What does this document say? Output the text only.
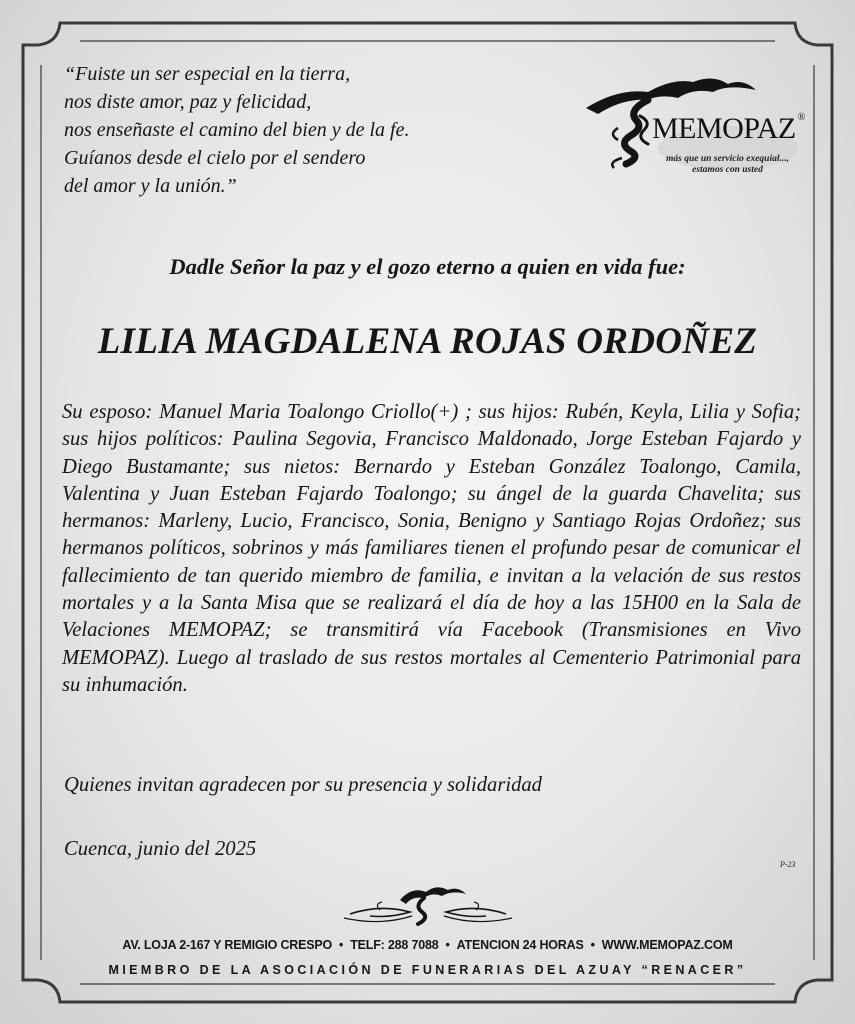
“Fuiste un ser especial en la tierra,
nos diste amor, paz y felicidad,
nos enseñaste el camino del bien y de la fe.
Guíanos desde el cielo por el sendero
del amor y la unión.”
MEMOPAZ ®
más que un servicio exequial...,
estamos con usted
Dadle Señor la paz y el gozo eterno a quien en vida fue:
LILIA MAGDALENA ROJAS ORDOÑEZ
Su esposo: Manuel Maria Toalongo Criollo(+) ; sus hijos: Rubén, Keyla, Lilia y Sofia; sus hijos políticos: Paulina Segovia, Francisco Maldonado, Jorge Esteban Fajardo y Diego Bustamante; sus nietos: Bernardo y Esteban González Toalongo, Camila, Valentina y Juan Esteban Fajardo Toalongo; su ángel de la guarda Chavelita; sus hermanos: Marleny, Lucio, Francisco, Sonia, Benigno y Santiago Rojas Ordoñez; sus hermanos políticos, sobrinos y más familiares tienen el profundo pesar de comunicar el fallecimiento de tan querido miembro de familia, e invitan a la velación de sus restos mortales y a la Santa Misa que se realizará el día de hoy a las 15H00 en la Sala de Velaciones MEMOPAZ; se transmitirá vía Facebook (Transmisiones en Vivo MEMOPAZ). Luego al traslado de sus restos mortales al Cementerio Patrimonial para su inhumación.
Quienes invitan agradecen por su presencia y solidaridad
Cuenca, junio del 2025
P-23
AV. LOJA 2-167 Y REMIGIO CRESPO • TELF: 288 7088 • ATENCION 24 HORAS • WWW.MEMOPAZ.COM
MIEMBRO DE LA ASOCIACIÓN DE FUNERARIAS DEL AZUAY “RENACER”
